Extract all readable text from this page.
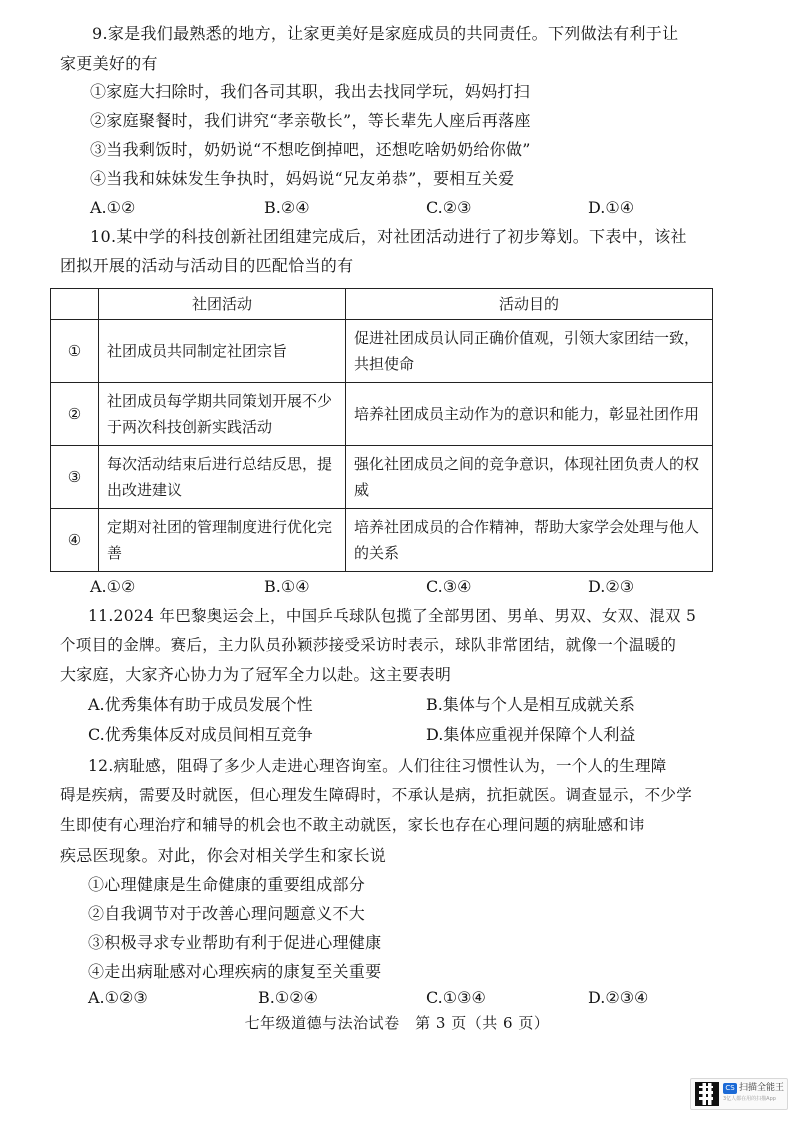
9.家是我们最熟悉的地方，让家更美好是家庭成员的共同责任。下列做法有利于让
家更美好的有
①家庭大扫除时，我们各司其职，我出去找同学玩，妈妈打扫
②家庭聚餐时，我们讲究“孝亲敬长”，等长辈先人座后再落座
③当我剩饭时，奶奶说“不想吃倒掉吧，还想吃啥奶奶给你做”
④当我和妹妹发生争执时，妈妈说“兄友弟恭”，要相互关爱
A.①②	B.②④	C.②③	D.①④
10.某中学的科技创新社团组建完成后，对社团活动进行了初步筹划。下表中，该社
团拟开展的活动与活动目的匹配恰当的有
	社团活动	活动目的
①	社团成员共同制定社团宗旨	促进社团成员认同正确价值观，引领大家团结一致，共担使命
②	社团成员每学期共同策划开展不少于两次科技创新实践活动	培养社团成员主动作为的意识和能力，彰显社团作用
③	每次活动结束后进行总结反思，提出改进建议	强化社团成员之间的竞争意识，体现社团负责人的权威
④	定期对社团的管理制度进行优化完善	培养社团成员的合作精神，帮助大家学会处理与他人的关系
A.①②	B.①④	C.③④	D.②③
11.2024 年巴黎奥运会上，中国乒乓球队包揽了全部男团、男单、男双、女双、混双 5
个项目的金牌。赛后，主力队员孙颖莎接受采访时表示，球队非常团结，就像一个温暖的
大家庭，大家齐心协力为了冠军全力以赴。这主要表明
A.优秀集体有助于成员发展个性	B.集体与个人是相互成就关系
C.优秀集体反对成员间相互竞争	D.集体应重视并保障个人利益
12.病耻感，阻碍了多少人走进心理咨询室。人们往往习惯性认为，一个人的生理障
碍是疾病，需要及时就医，但心理发生障碍时，不承认是病，抗拒就医。调查显示，不少学
生即使有心理治疗和辅导的机会也不敢主动就医，家长也存在心理问题的病耻感和讳
疾忌医现象。对此，你会对相关学生和家长说
①心理健康是生命健康的重要组成部分
②自我调节对于改善心理问题意义不大
③积极寻求专业帮助有利于促进心理健康
④走出病耻感对心理疾病的康复至关重要
A.①②③	B.①②④	C.①③④	D.②③④
七年级道德与法治试卷　第 3 页（共 6 页）
CS 扫描全能王
3亿人都在用的扫描App
